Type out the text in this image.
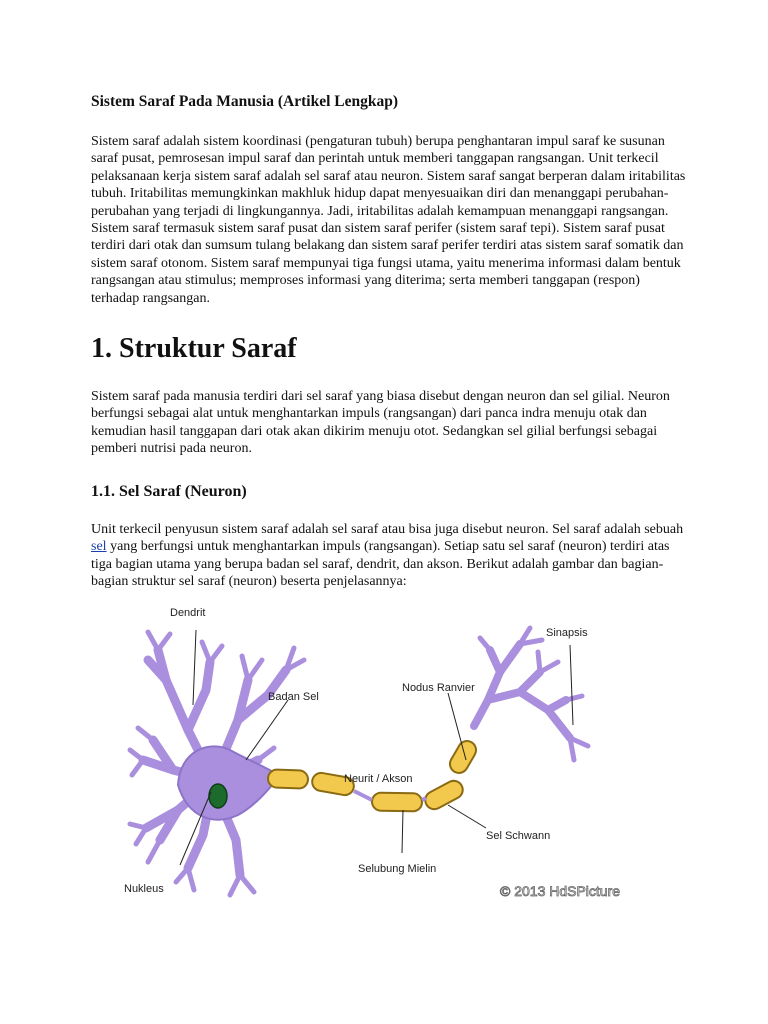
Sistem Saraf Pada Manusia (Artikel Lengkap)

Sistem saraf adalah sistem koordinasi (pengaturan tubuh) berupa penghantaran impul saraf ke susunan saraf pusat, pemrosesan impul saraf dan perintah untuk memberi tanggapan rangsangan. Unit terkecil pelaksanaan kerja sistem saraf adalah sel saraf atau neuron. Sistem saraf sangat berperan dalam iritabilitas tubuh. Iritabilitas memungkinkan makhluk hidup dapat menyesuaikan diri dan menanggapi perubahan-perubahan yang terjadi di lingkungannya. Jadi, iritabilitas adalah kemampuan menanggapi rangsangan.

Sistem saraf termasuk sistem saraf pusat dan sistem saraf perifer (sistem saraf tepi). Sistem saraf pusat terdiri dari otak dan sumsum tulang belakang dan sistem saraf perifer terdiri atas sistem saraf somatik dan sistem saraf otonom. Sistem saraf mempunyai tiga fungsi utama, yaitu menerima informasi dalam bentuk rangsangan atau stimulus; memproses informasi yang diterima; serta memberi tanggapan (respon) terhadap rangsangan.

1. Struktur Saraf

Sistem saraf pada manusia terdiri dari sel saraf yang biasa disebut dengan neuron dan sel gilial. Neuron berfungsi sebagai alat untuk menghantarkan impuls (rangsangan) dari panca indra menuju otak dan kemudian hasil tanggapan dari otak akan dikirim menuju otot. Sedangkan sel gilial berfungsi sebagai pemberi nutrisi pada neuron.

1.1. Sel Saraf (Neuron)

Unit terkecil penyusun sistem saraf adalah sel saraf atau bisa juga disebut neuron. Sel saraf adalah sebuah sel yang berfungsi untuk menghantarkan impuls (rangsangan). Setiap satu sel saraf (neuron) terdiri atas tiga bagian utama yang berupa badan sel saraf, dendrit, dan akson. Berikut adalah gambar dan bagian-bagian struktur sel saraf (neuron) beserta penjelasannya:

Dendrit
Badan Sel
Nodus Ranvier
Sinapsis
Neurit / Akson
Sel Schwann
Selubung Mielin
Nukleus	© 2013 HdSPicture
